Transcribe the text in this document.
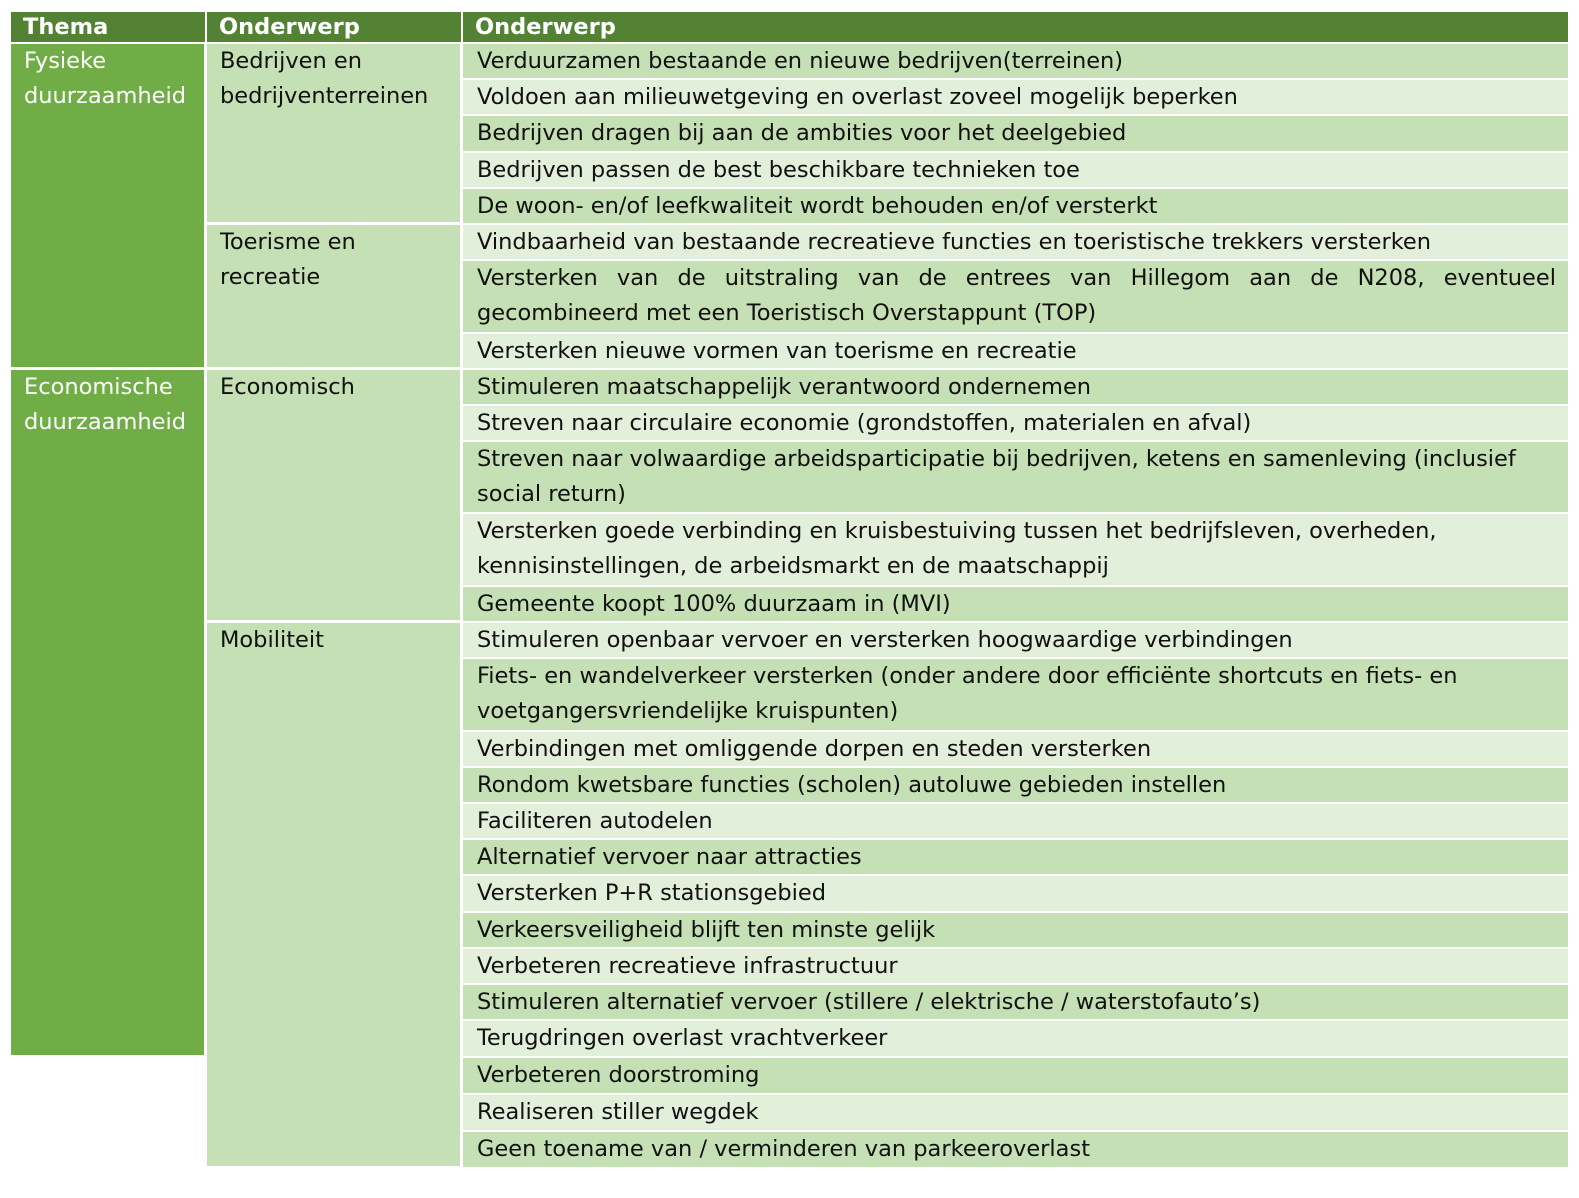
Thema	Onderwerp	Onderwerp
Fysieke duurzaamheid
Economische duurzaamheid
Bedrijven en bedrijventerreinen
Toerisme en recreatie
Economisch
Mobiliteit
Verduurzamen bestaande en nieuwe bedrijven(terreinen)
Voldoen aan milieuwetgeving en overlast zoveel mogelijk beperken
Bedrijven dragen bij aan de ambities voor het deelgebied
Bedrijven passen de best beschikbare technieken toe
De woon- en/of leefkwaliteit wordt behouden en/of versterkt
Vindbaarheid van bestaande recreatieve functies en toeristische trekkers versterken
Versterken van de uitstraling van de entrees van Hillegom aan de N208, eventueel gecombineerd met een Toeristisch Overstappunt (TOP)
Versterken nieuwe vormen van toerisme en recreatie
Stimuleren maatschappelijk verantwoord ondernemen
Streven naar circulaire economie (grondstoffen, materialen en afval)
Streven naar volwaardige arbeidsparticipatie bij bedrijven, ketens en samenleving (inclusief social return)
Versterken goede verbinding en kruisbestuiving tussen het bedrijfsleven, overheden, kennisinstellingen, de arbeidsmarkt en de maatschappij
Gemeente koopt 100% duurzaam in (MVI)
Stimuleren openbaar vervoer en versterken hoogwaardige verbindingen
Fiets- en wandelverkeer versterken (onder andere door efficiënte shortcuts en fiets- en voetgangersvriendelijke kruispunten)
Verbindingen met omliggende dorpen en steden versterken
Rondom kwetsbare functies (scholen) autoluwe gebieden instellen
Faciliteren autodelen
Alternatief vervoer naar attracties
Versterken P+R stationsgebied
Verkeersveiligheid blijft ten minste gelijk
Verbeteren recreatieve infrastructuur
Stimuleren alternatief vervoer (stillere / elektrische / waterstofauto’s)
Terugdringen overlast vrachtverkeer
Verbeteren doorstroming
Realiseren stiller wegdek
Geen toename van / verminderen van parkeeroverlast
